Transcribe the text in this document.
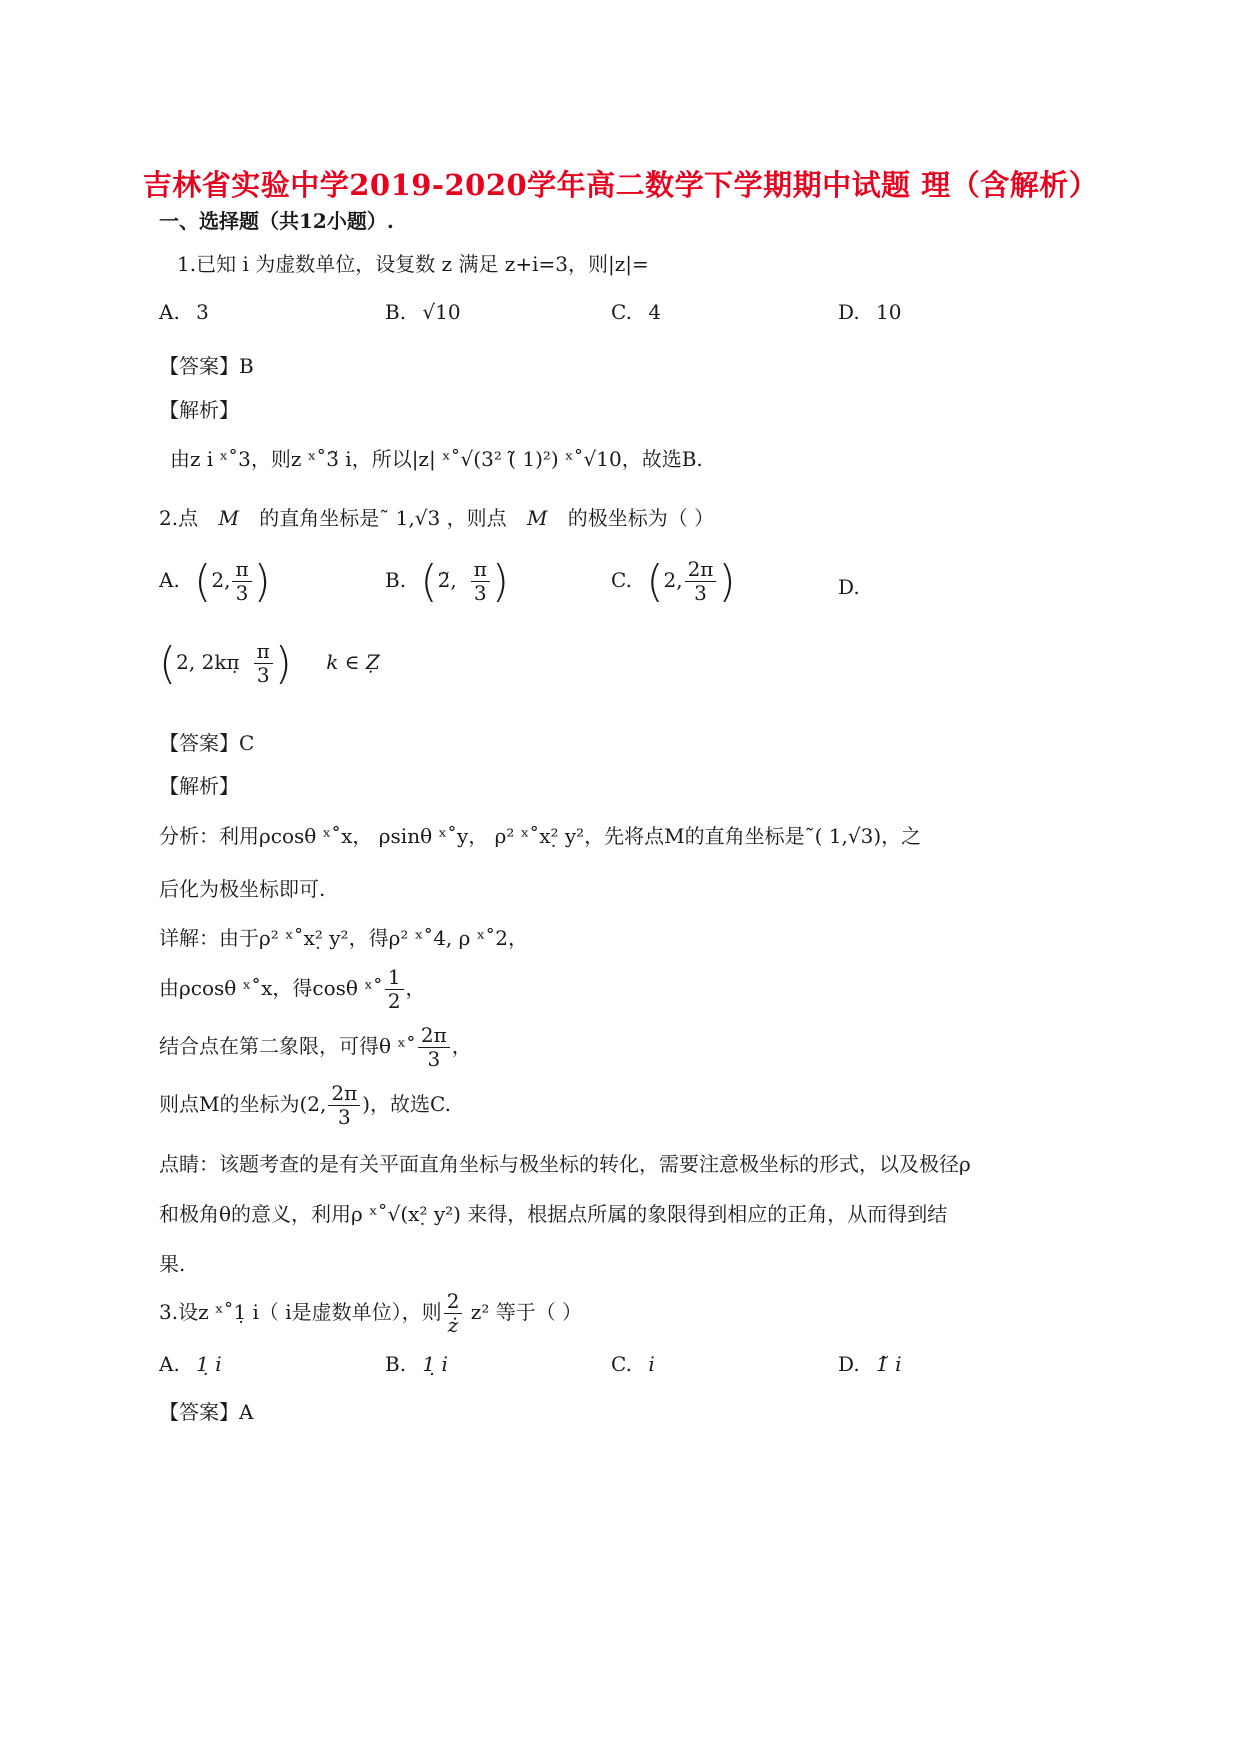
吉林省实验中学2019-2020学年高二数学下学期期中试题 理（含解析）
一、选择题（共12小题）.
1.已知 i 为虚数单位，设复数 z 满足 z+i=3，则|z|=
A. 3	B. √10	C. 4	D. 10
【答案】B
【解析】
由z i ˣ˚3，则z ˣ˚3̃ i，所以|z| ˣ˚√(3² (̃ 1)²) ˣ˚√10，故选B.
2.点 M 的直角坐标是˜ 1,√3 ，则点 M 的极坐标为（ ）
A. (2, $\frac{\pi}{3}$ )	B. (2̃, $\frac{\pi}{3}$ )	C. (2, $\frac{2\pi}{3}$ )	D.
(2, 2kπ̣ $\frac{\pi}{3}$ ) k ∈ Ẓ
【答案】C
【解析】
分析：利用ρcosθ ˣ˚x， ρsinθ ˣ˚y， ρ² ˣ˚x²̣ y²，先将点M的直角坐标是˜( 1,√3)，之
后化为极坐标即可.
详解：由于ρ² ˣ˚x²̣ y²，得ρ² ˣ˚4, ρ ˣ˚2，
由ρcosθ ˣ˚x，得cosθ ˣ˚ $\frac{1}{2}$ ，
结合点在第二象限，可得θ ˣ˚ $\frac{2\pi}{3}$ ，
则点M的坐标为(2, $\frac{2\pi}{3}$ )，故选C.
点睛：该题考查的是有关平面直角坐标与极坐标的转化，需要注意极坐标的形式，以及极径ρ
和极角θ的意义，利用ρ ˣ˚√(x²̣ y²) 来得，根据点所属的象限得到相应的正角，从而得到结
果.
3.设z ˣ˚1̣ i（ i是虚数单位），则 $\frac{2}{ż} z^2$ 等于（ ）
A. 1̣ i	B. 1̣ i	C. i	D. 1̃ i
【答案】A
